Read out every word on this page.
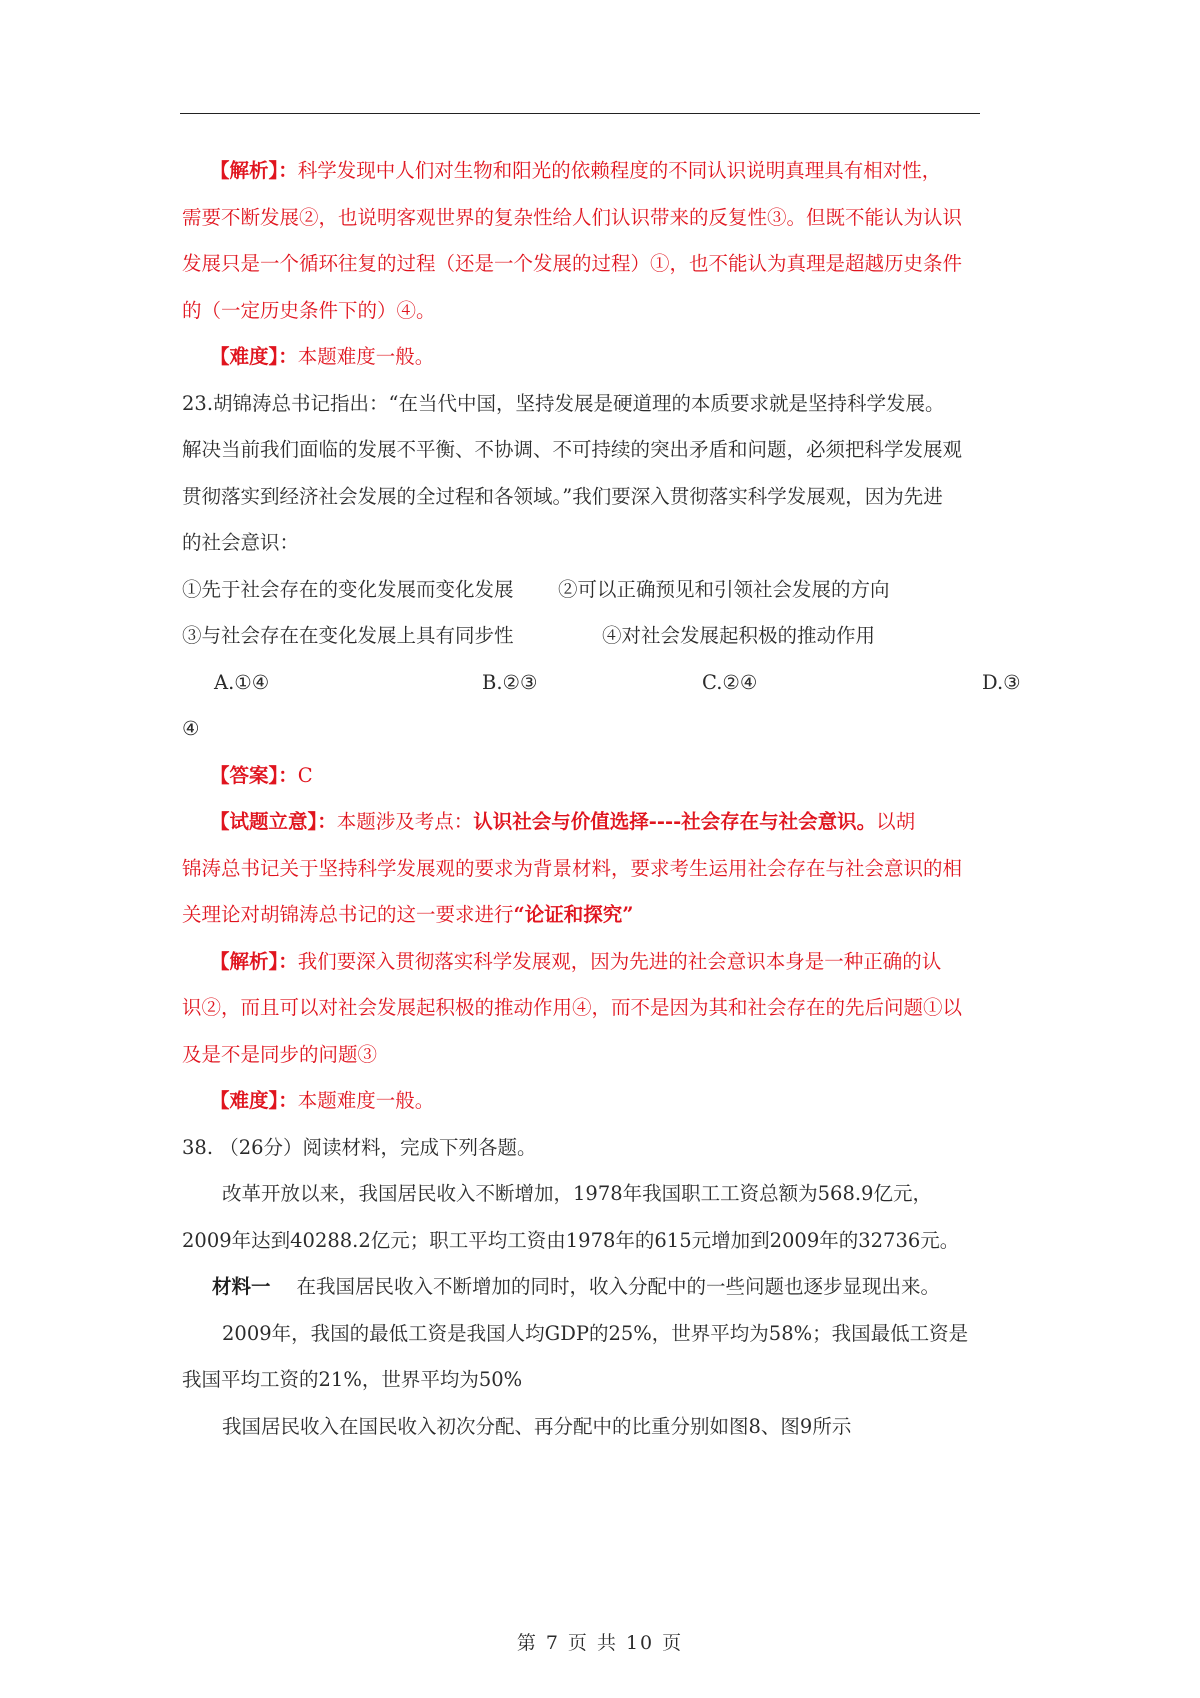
【解析】：科学发现中人们对生物和阳光的依赖程度的不同认识说明真理具有相对性，
需要不断发展②，也说明客观世界的复杂性给人们认识带来的反复性③。但既不能认为认识
发展只是一个循环往复的过程（还是一个发展的过程）①，也不能认为真理是超越历史条件
的（一定历史条件下的）④。
【难度】：本题难度一般。
23.胡锦涛总书记指出：“在当代中国，坚持发展是硬道理的本质要求就是坚持科学发展。
解决当前我们面临的发展不平衡、不协调、不可持续的突出矛盾和问题，必须把科学发展观
贯彻落实到经济社会发展的全过程和各领域。”我们要深入贯彻落实科学发展观，因为先进
的社会意识：
①先于社会存在的变化发展而变化发展 ②可以正确预见和引领社会发展的方向
③与社会存在在变化发展上具有同步性	④对社会发展起积极的推动作用
A.①④	B.②③	C.②④	D.③
④
【答案】：C
【试题立意】：本题涉及考点：认识社会与价值选择----社会存在与社会意识。以胡
锦涛总书记关于坚持科学发展观的要求为背景材料，要求考生运用社会存在与社会意识的相
关理论对胡锦涛总书记的这一要求进行“论证和探究”
【解析】：我们要深入贯彻落实科学发展观，因为先进的社会意识本身是一种正确的认
识②，而且可以对社会发展起积极的推动作用④，而不是因为其和社会存在的先后问题①以
及是不是同步的问题③
【难度】：本题难度一般。
38. （26分）阅读材料，完成下列各题。
改革开放以来，我国居民收入不断增加，1978年我国职工工资总额为568.9亿元，
2009年达到40288.2亿元；职工平均工资由1978年的615元增加到2009年的32736元。
材料一 在我国居民收入不断增加的同时，收入分配中的一些问题也逐步显现出来。
2009年，我国的最低工资是我国人均GDP的25%，世界平均为58%；我国最低工资是
我国平均工资的21%，世界平均为50%
我国居民收入在国民收入初次分配、再分配中的比重分别如图8、图9所示
第 7 页 共 10 页
